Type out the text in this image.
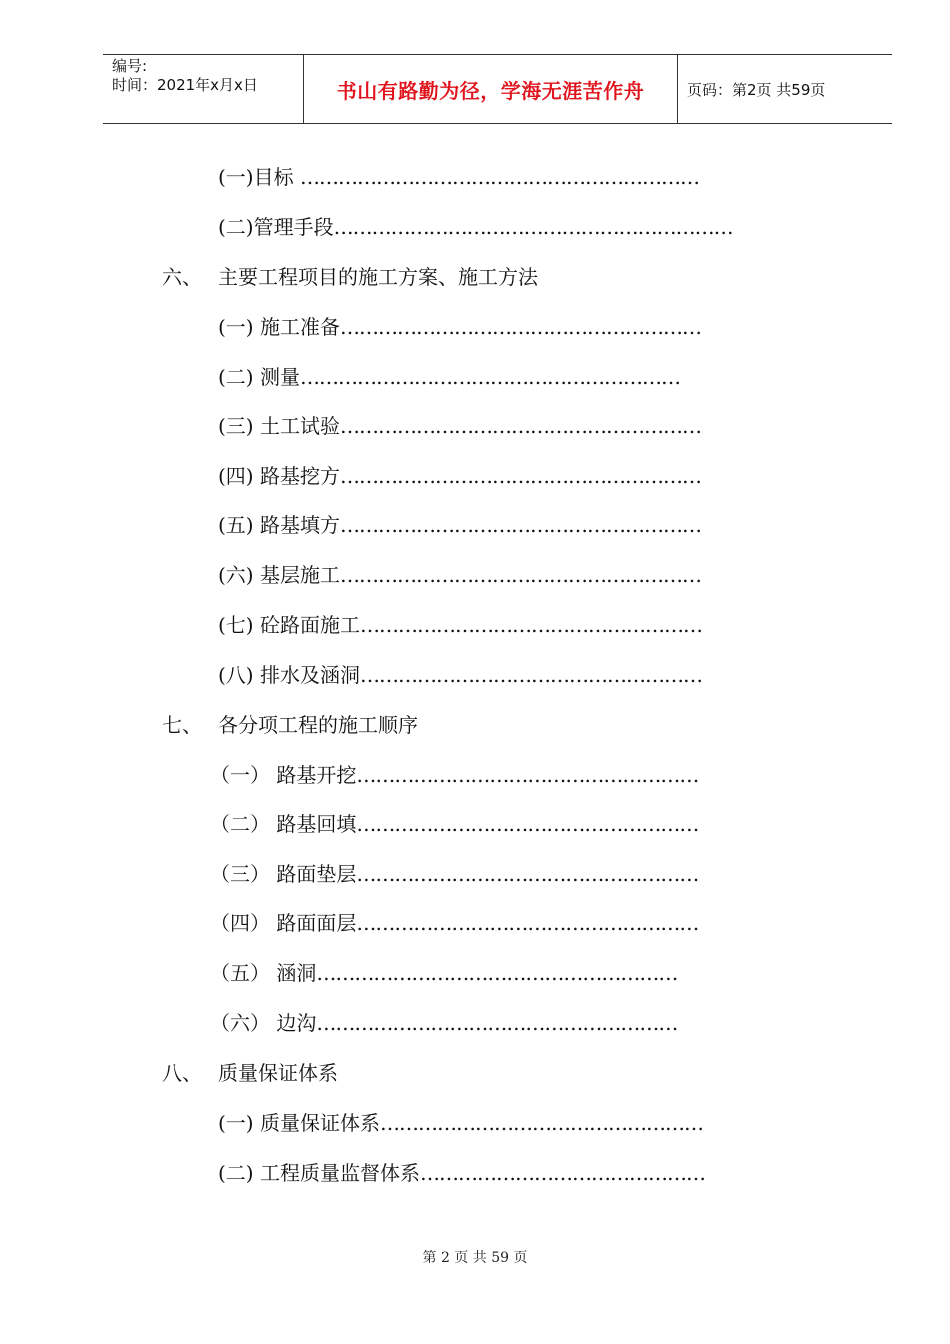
编号:
时间：2021年x月x日	书山有路勤为径，学海无涯苦作舟	页码：第2页 共59页
(一)目标 ………………………………………………………
(二)管理手段………………………………………………………
六、 主要工程项目的施工方案、施工方法
(一) 施工准备…………………………………………………
(二) 测量……………………………………………………
(三) 土工试验…………………………………………………
(四) 路基挖方…………………………………………………
(五) 路基填方…………………………………………………
(六) 基层施工…………………………………………………
(七) 砼路面施工………………………………………………
(八) 排水及涵洞………………………………………………
七、 各分项工程的施工顺序
（一） 路基开挖………………………………………………
（二） 路基回填………………………………………………
（三） 路面垫层………………………………………………
（四） 路面面层………………………………………………
（五） 涵洞…………………………………………………
（六） 边沟…………………………………………………
八、 质量保证体系
(一) 质量保证体系……………………………………………
(二) 工程质量监督体系………………………………………
第 2 页 共 59 页
